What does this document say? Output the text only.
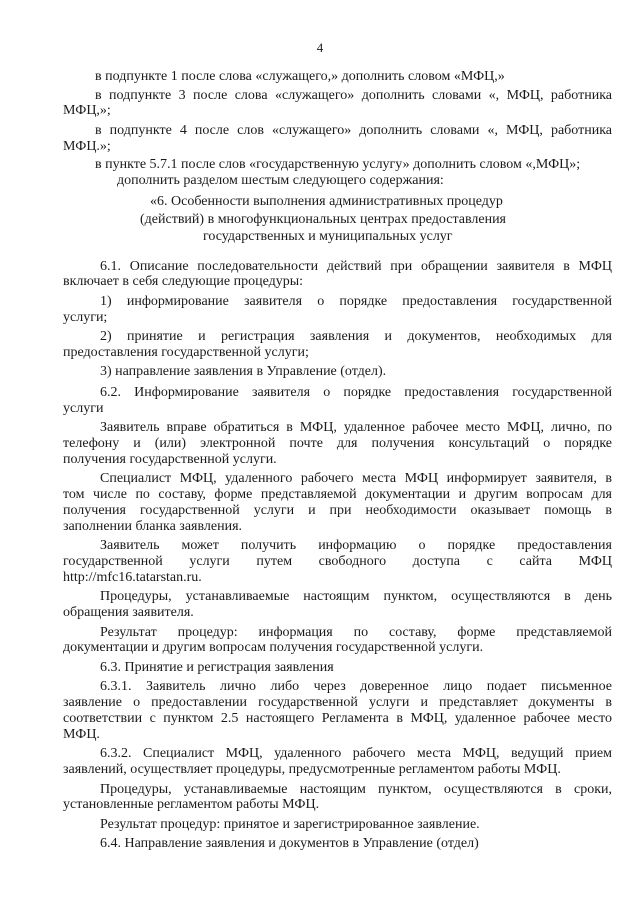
4
в подпункте 1 после слова «служащего,» дополнить словом «МФЦ,»
в подпункте 3 после слова «служащего» дополнить словами «, МФЦ, работника
МФЦ,»;
в подпункте 4 после слов «служащего» дополнить словами «, МФЦ, работника
МФЦ.»;
в пункте 5.7.1 после слов «государственную услугу» дополнить словом «,МФЦ»;
дополнить разделом шестым следующего содержания:
«6. Особенности выполнения административных процедур
(действий) в многофункциональных центрах предоставления
государственных и муниципальных услуг
6.1. Описание последовательности действий при обращении заявителя в МФЦ
включает в себя следующие процедуры:
1) информирование заявителя о порядке предоставления государственной
услуги;
2) принятие и регистрация заявления и документов, необходимых для
предоставления государственной услуги;
3) направление заявления в Управление (отдел).
6.2. Информирование заявителя о порядке предоставления государственной
услуги
Заявитель вправе обратиться в МФЦ, удаленное рабочее место МФЦ, лично, по
телефону и (или) электронной почте для получения консультаций о порядке
получения государственной услуги.
Специалист МФЦ, удаленного рабочего места МФЦ информирует заявителя, в
том числе по составу, форме представляемой документации и другим вопросам для
получения государственной услуги и при необходимости оказывает помощь в
заполнении бланка заявления.
Заявитель может получить информацию о порядке предоставления
государственной услуги путем свободного доступа с сайта МФЦ
http://mfc16.tatarstan.ru.
Процедуры, устанавливаемые настоящим пунктом, осуществляются в день
обращения заявителя.
Результат процедур: информация по составу, форме представляемой
документации и другим вопросам получения государственной услуги.
6.3. Принятие и регистрация заявления
6.3.1. Заявитель лично либо через доверенное лицо подает письменное
заявление о предоставлении государственной услуги и представляет документы в
соответствии с пунктом 2.5 настоящего Регламента в МФЦ, удаленное рабочее место
МФЦ.
6.3.2. Специалист МФЦ, удаленного рабочего места МФЦ, ведущий прием
заявлений, осуществляет процедуры, предусмотренные регламентом работы МФЦ.
Процедуры, устанавливаемые настоящим пунктом, осуществляются в сроки,
установленные регламентом работы МФЦ.
Результат процедур: принятое и зарегистрированное заявление.
6.4. Направление заявления и документов в Управление (отдел)
